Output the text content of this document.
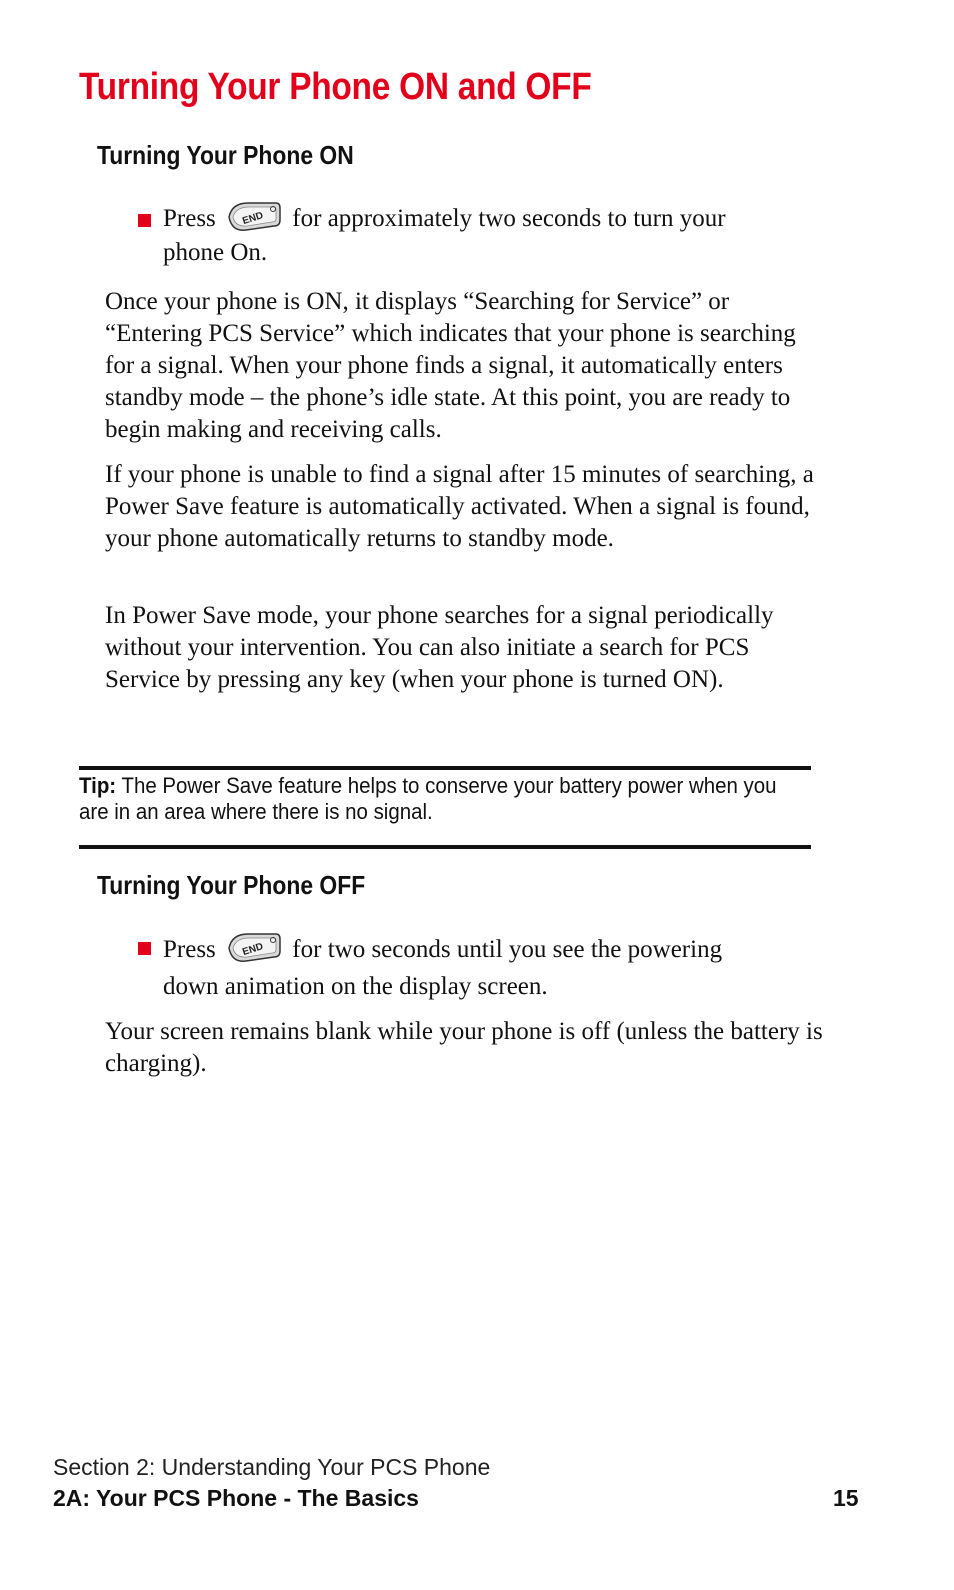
Turning Your Phone ON and OFF
Turning Your Phone ON
Press	END for approximately two seconds to turn your
phone On.

Once your phone is ON, it displays “Searching for Service” or “Entering PCS Service” which indicates that your phone is searching for a signal. When your phone finds a signal, it automatically enters standby mode – the phone’s idle state. At this point, you are ready to begin making and receiving calls.

If your phone is unable to find a signal after 15 minutes of searching, a Power Save feature is automatically activated. When a signal is found, your phone automatically returns to standby mode.

In Power Save mode, your phone searches for a signal periodically without your intervention. You can also initiate a search for PCS Service by pressing any key (when your phone is turned ON).

Tip: The Power Save feature helps to conserve your battery power when you are in an area where there is no signal.

Turning Your Phone OFF
Press	END for two seconds until you see the powering
down animation on the display screen.

Your screen remains blank while your phone is off (unless the battery is charging).

Section 2: Understanding Your PCS Phone

2A: Your PCS Phone - The Basics	15
